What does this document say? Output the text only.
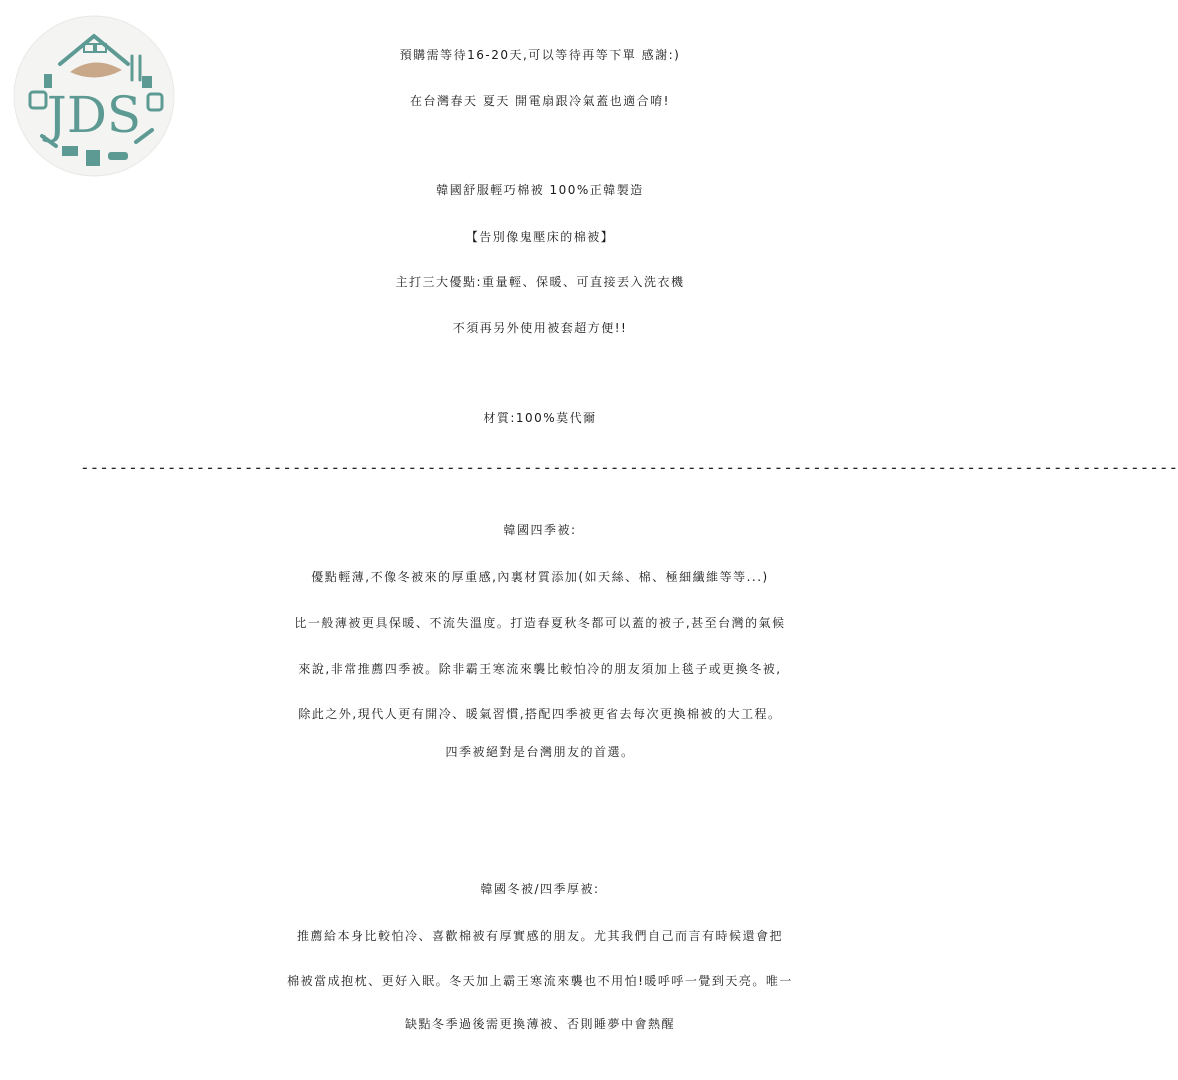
JDS
預購需等待16-20天,可以等待再等下單 感謝:)
在台灣春天 夏天 開電扇跟冷氣蓋也適合唷!
韓國舒服輕巧棉被 100%正韓製造
【告別像鬼壓床的棉被】
主打三大優點:重量輕、保暖、可直接丟入洗衣機
不須再另外使用被套超方便!!
材質:100%莫代爾
------------------------------------------------------------------------------------------------------------------
韓國四季被:
優點輕薄,不像冬被來的厚重感,內裏材質添加(如天絲、棉、極細纖維等等...)
比一般薄被更具保暖、不流失溫度。打造春夏秋冬都可以蓋的被子,甚至台灣的氣候
來說,非常推薦四季被。除非霸王寒流來襲比較怕冷的朋友須加上毯子或更換冬被,
除此之外,現代人更有開冷、暖氣習慣,搭配四季被更省去每次更換棉被的大工程。
四季被絕對是台灣朋友的首選。
韓國冬被/四季厚被:
推薦給本身比較怕冷、喜歡棉被有厚實感的朋友。尤其我們自己而言有時候還會把
棉被當成抱枕、更好入眠。冬天加上霸王寒流來襲也不用怕!暖呼呼一覺到天亮。唯一
缺點冬季過後需更換薄被、否則睡夢中會熱醒
